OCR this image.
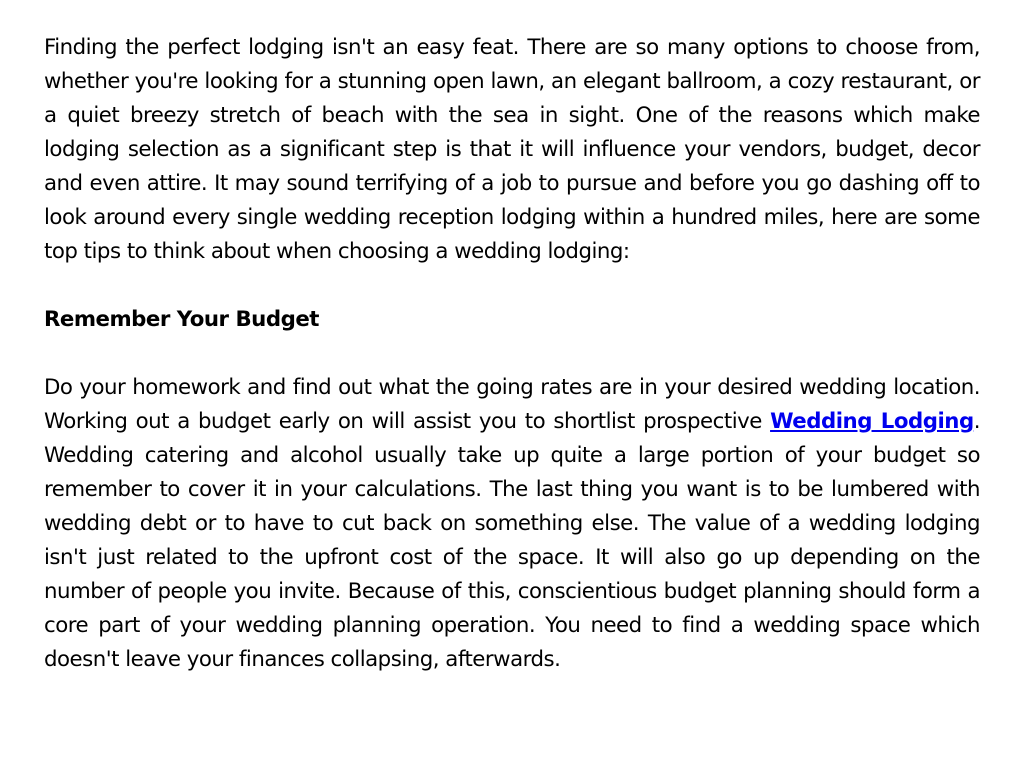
Finding the perfect lodging isn't an easy feat. There are so many options to choose from, whether you're looking for a stunning open lawn, an elegant ballroom, a cozy restaurant, or a quiet breezy stretch of beach with the sea in sight. One of the reasons which make lodging selection as a significant step is that it will influence your vendors, budget, decor and even attire. It may sound terrifying of a job to pursue and before you go dashing off to look around every single wedding reception lodging within a hundred miles, here are some top tips to think about when choosing a wedding lodging:

Remember Your Budget

Do your homework and find out what the going rates are in your desired wedding location. Working out a budget early on will assist you to shortlist prospective Wedding Lodging. Wedding catering and alcohol usually take up quite a large portion of your budget so remember to cover it in your calculations. The last thing you want is to be lumbered with wedding debt or to have to cut back on something else. The value of a wedding lodging isn't just related to the upfront cost of the space. It will also go up depending on the number of people you invite. Because of this, conscientious budget planning should form a core part of your wedding planning operation. You need to find a wedding space which doesn't leave your finances collapsing, afterwards.
